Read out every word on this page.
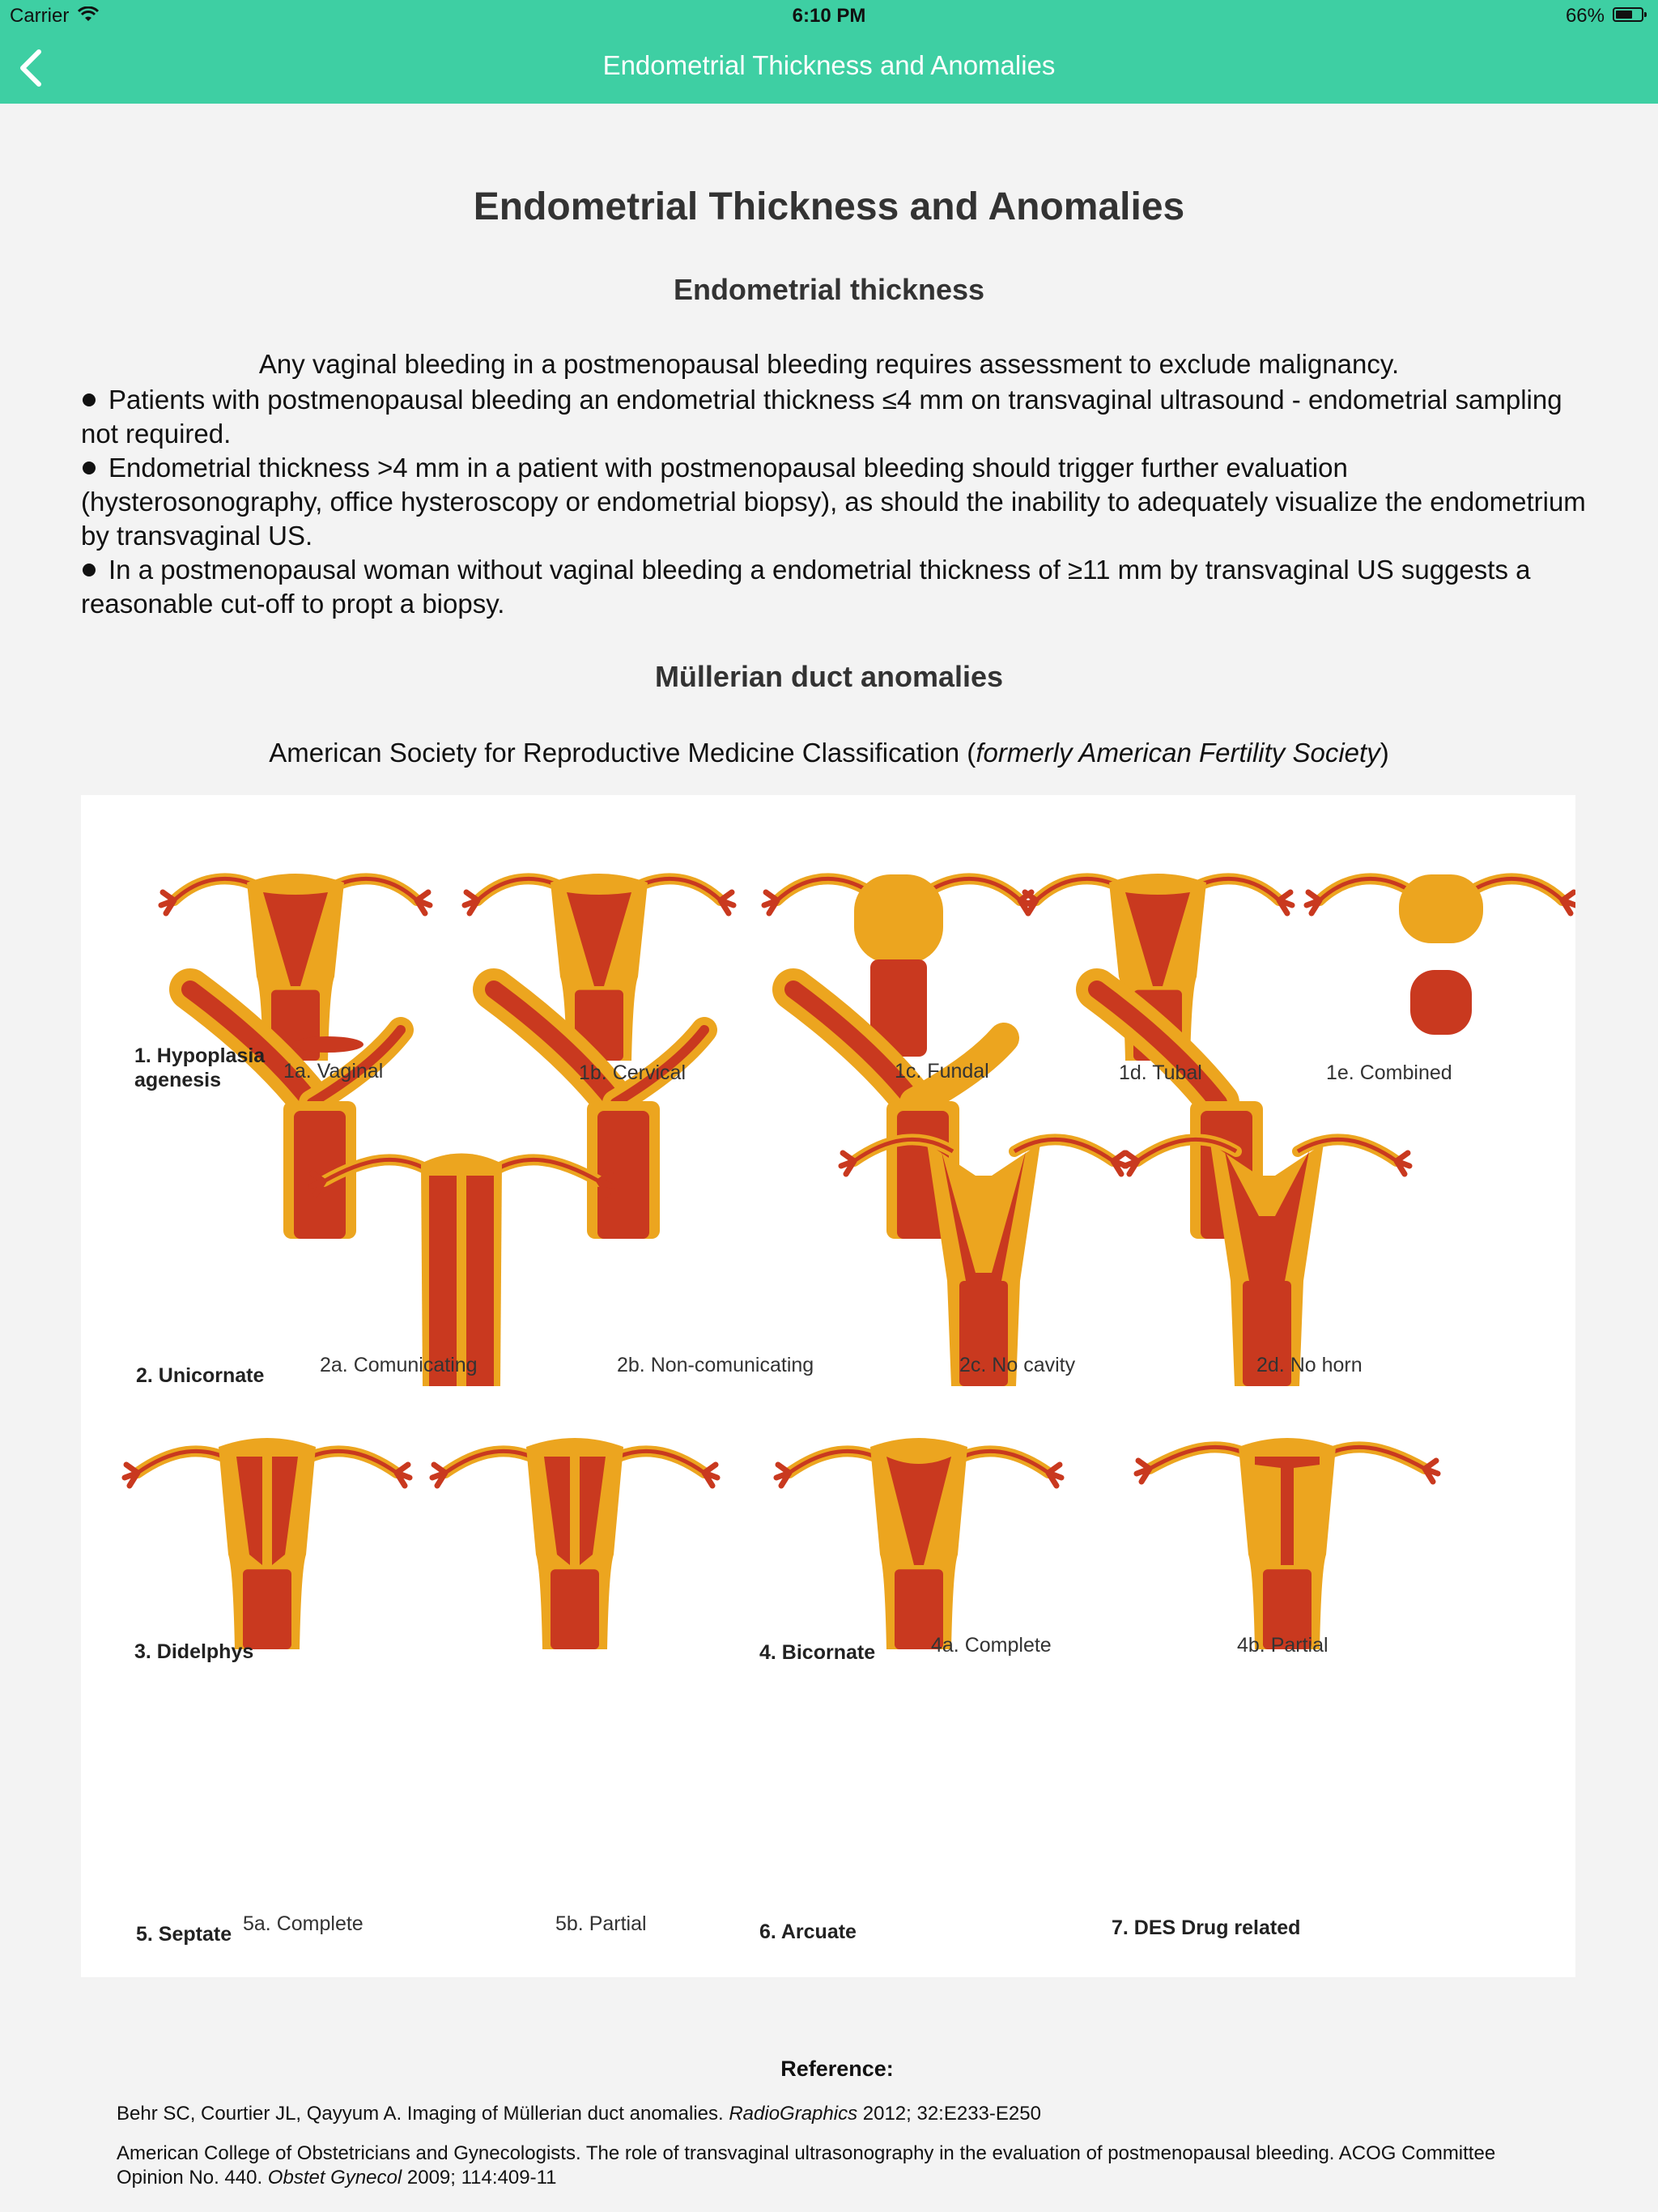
Carrier	6:10 PM	66%
Endometrial Thickness and Anomalies
Endometrial Thickness and Anomalies
Endometrial thickness
Any vaginal bleeding in a postmenopausal bleeding requires assessment to exclude malignancy.

Patients with postmenopausal bleeding an endometrial thickness ≤4 mm on transvaginal ultrasound - endometrial sampling not required.

Endometrial thickness >4 mm in a patient with postmenopausal bleeding should trigger further evaluation (hysterosonography, office hysteroscopy or endometrial biopsy), as should the inability to adequately visualize the endometrium by transvaginal US.

In a postmenopausal woman without vaginal bleeding a endometrial thickness of ≥11 mm by transvaginal US suggests a reasonable cut-off to propt a biopsy.

Müllerian duct anomalies
American Society for Reproductive Medicine Classification (formerly American Fertility Society)
1. Hypoplasia
agenesis
2. Unicornate
3. Didelphys	4. Bicornate
5. Septate	6. Arcuate	7. DES Drug related
1a. Vaginal	1b. Cervical	1c. Fundal	1d. Tubal	1e. Combined
2a. Comunicating	2b. Non-comunicating	2c. No cavity	2d. No horn
4a. Complete	4b. Partial
5a. Complete	5b. Partial
Reference:
Behr SC, Courtier JL, Qayyum A. Imaging of Müllerian duct anomalies. RadioGraphics 2012; 32:E233-E250
American College of Obstetricians and Gynecologists. The role of transvaginal ultrasonography in the evaluation of postmenopausal bleeding. ACOG Committee Opinion No. 440. Obstet Gynecol 2009; 114:409-11
